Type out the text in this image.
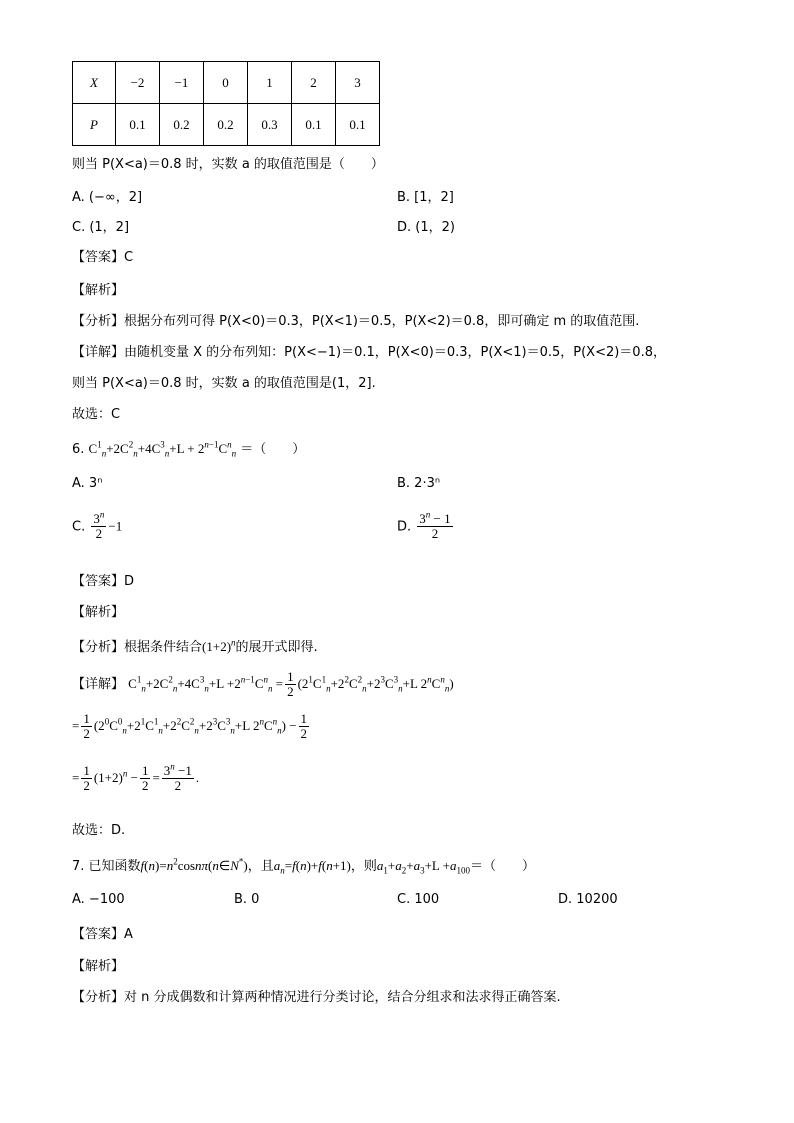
X	−2	−1	0	1	2	3
P	0.1	0.2	0.2	0.3	0.1	0.1
则当 P(X<a)＝0.8 时，实数 a 的取值范围是（　　）
A. (−∞，2]	B. [1，2]
C. (1，2]	D. (1，2)
【答案】C
【解析】
【分析】根据分布列可得 P(X<0)＝0.3，P(X<1)＝0.5，P(X<2)＝0.8，即可确定 m 的取值范围.
【详解】由随机变量 X 的分布列知：P(X<−1)＝0.1，P(X<0)＝0.3，P(X<1)＝0.5，P(X<2)＝0.8，
则当 P(X<a)＝0.8 时，实数 a 的取值范围是(1，2].
故选：C
6. $C^1_n+2C^2_n+4C^3_n+L + 2^{n-1}C^n_n$ ＝（　　）
A. 3ⁿ	B. 2·3ⁿ
C. $\frac{3^n}{2} -1$	D. $\frac{3^n - 1}{2}$
【答案】D
【解析】
【分析】根据条件结合$(1+2)^n$的展开式即得.
【详解】 $C^1_n+2C^2_n+4C^3_n+L +2^{n-1}C^n_n = \frac{1}{2} (2^1C^1_n+2^2C^2_n+2^3C^3_n+L$ $2^nC^n_n$)
= $\frac{1}{2} (2^0C^0_n+2^1C^1_n+2^2C^2_n+2^3C^3_n+L$ $2^nC^n_n) - \frac{1}{2}$
= $\frac{1}{2} (1+2)^n - \frac{1}{2} = \frac{3^n -1}{2}$ .
故选：D.
7. 已知函数$f(n)=n^2\cos n\pi(n\in N^*)$，且$a_n=f(n)+f(n+1)$，则$a_1+a_2+a_3+L +a_{100}=$（　　）
A. −100	B. 0	C. 100	D. 10200
【答案】A
【解析】
【分析】对 n 分成偶数和计算两种情况进行分类讨论，结合分组求和法求得正确答案.
